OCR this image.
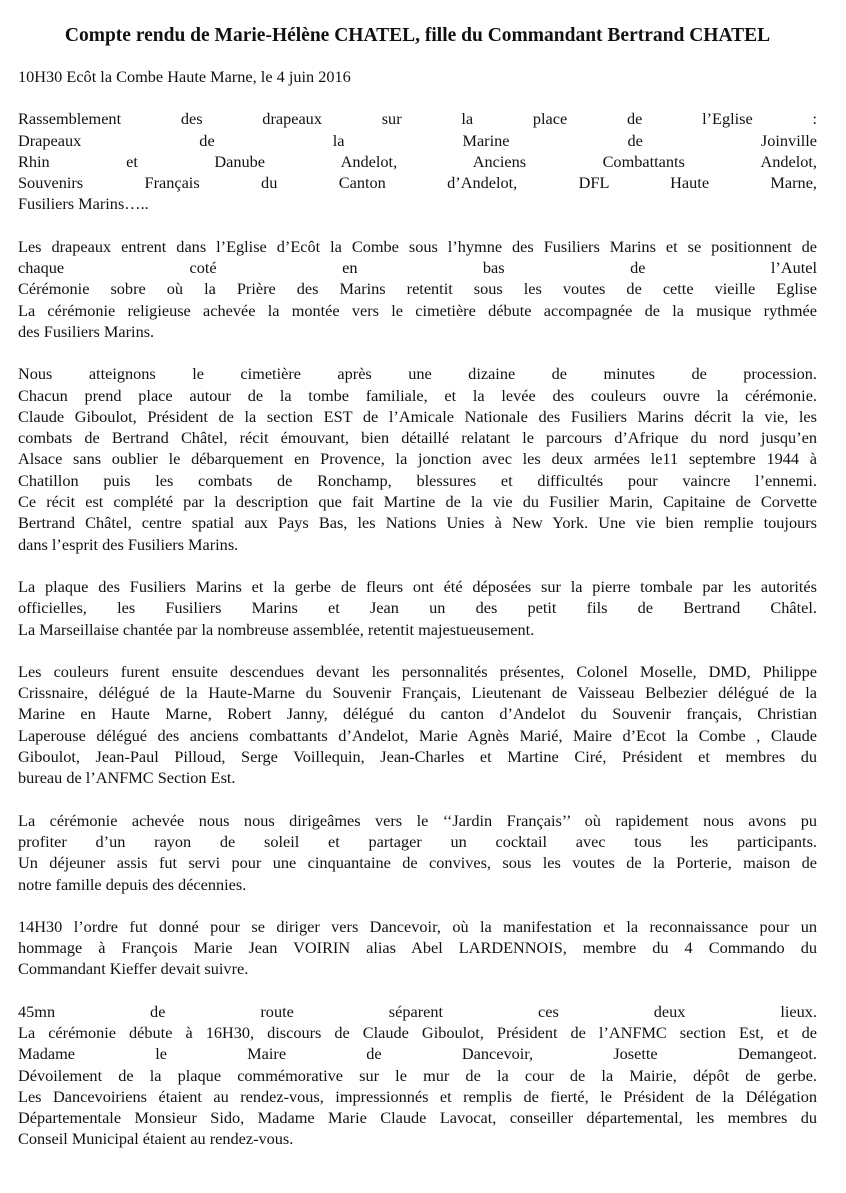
Compte rendu de Marie-Hélène CHATEL, fille du Commandant Bertrand CHATEL
10H30 Ecôt la Combe Haute Marne, le 4 juin 2016
Rassemblement des drapeaux sur la place de l’Eglise :
Drapeaux de la Marine de Joinville
Rhin et Danube Andelot, Anciens Combattants Andelot,
Souvenirs Français du Canton d’Andelot, DFL Haute Marne,
Fusiliers Marins…..
Les drapeaux entrent dans l’Eglise d’Ecôt la Combe sous l’hymne des Fusiliers Marins et se positionnent de
chaque coté en bas de l’Autel
Cérémonie sobre où la Prière des Marins retentit sous les voutes de cette vieille Eglise
La cérémonie religieuse achevée la montée vers le cimetière débute accompagnée de la musique rythmée
des Fusiliers Marins.
Nous atteignons le cimetière après une dizaine de minutes de procession.
Chacun prend place autour de la tombe familiale, et la levée des couleurs ouvre la cérémonie.
Claude Giboulot, Président de la section EST de l’Amicale Nationale des Fusiliers Marins décrit la vie, les
combats de Bertrand Châtel, récit émouvant, bien détaillé relatant le parcours d’Afrique du nord jusqu’en
Alsace sans oublier le débarquement en Provence, la jonction avec les deux armées le11 septembre 1944 à
Chatillon puis les combats de Ronchamp, blessures et difficultés pour vaincre l’ennemi.
Ce récit est complété par la description que fait Martine de la vie du Fusilier Marin, Capitaine de Corvette
Bertrand Châtel, centre spatial aux Pays Bas, les Nations Unies à New York. Une vie bien remplie toujours
dans l’esprit des Fusiliers Marins.
La plaque des Fusiliers Marins et la gerbe de fleurs ont été déposées sur la pierre tombale par les autorités
officielles, les Fusiliers Marins et Jean un des petit fils de Bertrand Châtel.
La Marseillaise chantée par la nombreuse assemblée, retentit majestueusement.
Les couleurs furent ensuite descendues devant les personnalités présentes, Colonel Moselle, DMD, Philippe
Crissnaire, délégué de la Haute-Marne du Souvenir Français, Lieutenant de Vaisseau Belbezier délégué de la
Marine en Haute Marne, Robert Janny, délégué du canton d’Andelot du Souvenir français, Christian
Laperouse délégué des anciens combattants d’Andelot, Marie Agnès Marié, Maire d’Ecot la Combe , Claude
Giboulot, Jean-Paul Pilloud, Serge Voillequin, Jean-Charles et Martine Ciré, Président et membres du
bureau de l’ANFMC Section Est.
La cérémonie achevée nous nous dirigeâmes vers le ‘‘Jardin Français’’ où rapidement nous avons pu
profiter d’un rayon de soleil et partager un cocktail avec tous les participants.
Un déjeuner assis fut servi pour une cinquantaine de convives, sous les voutes de la Porterie, maison de
notre famille depuis des décennies.
14H30 l’ordre fut donné pour se diriger vers Dancevoir, où la manifestation et la reconnaissance pour un
hommage à François Marie Jean VOIRIN alias Abel LARDENNOIS, membre du 4 Commando du
Commandant Kieffer devait suivre.
45mn de route séparent ces deux lieux.
La cérémonie débute à 16H30, discours de Claude Giboulot, Président de l’ANFMC section Est, et de
Madame le Maire de Dancevoir, Josette Demangeot.
Dévoilement de la plaque commémorative sur le mur de la cour de la Mairie, dépôt de gerbe.
Les Dancevoiriens étaient au rendez-vous, impressionnés et remplis de fierté, le Président de la Délégation
Départementale Monsieur Sido, Madame Marie Claude Lavocat, conseiller départemental, les membres du
Conseil Municipal étaient au rendez-vous.
